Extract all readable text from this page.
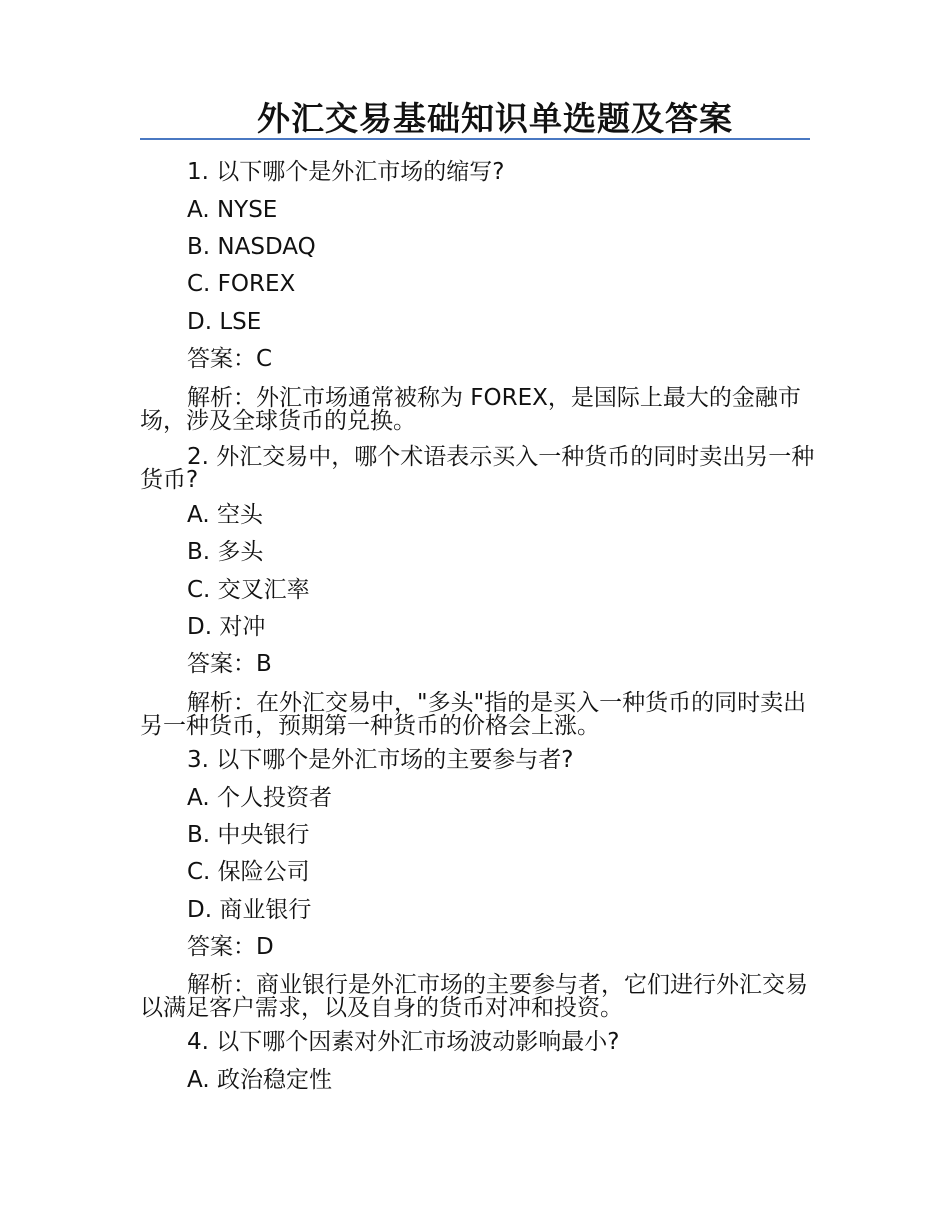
外汇交易基础知识单选题及答案
1. 以下哪个是外汇市场的缩写?
A. NYSE
B. NASDAQ
C. FOREX
D. LSE
答案：C
解析：外汇市场通常被称为 FOREX，是国际上最大的金融市场，涉及全球货币的兑换。
2. 外汇交易中，哪个术语表示买入一种货币的同时卖出另一种货币?
A. 空头
B. 多头
C. 交叉汇率
D. 对冲
答案：B
解析：在外汇交易中，"多头"指的是买入一种货币的同时卖出另一种货币，预期第一种货币的价格会上涨。
3. 以下哪个是外汇市场的主要参与者?
A. 个人投资者
B. 中央银行
C. 保险公司
D. 商业银行
答案：D
解析：商业银行是外汇市场的主要参与者，它们进行外汇交易以满足客户需求，以及自身的货币对冲和投资。
4. 以下哪个因素对外汇市场波动影响最小?
A. 政治稳定性
